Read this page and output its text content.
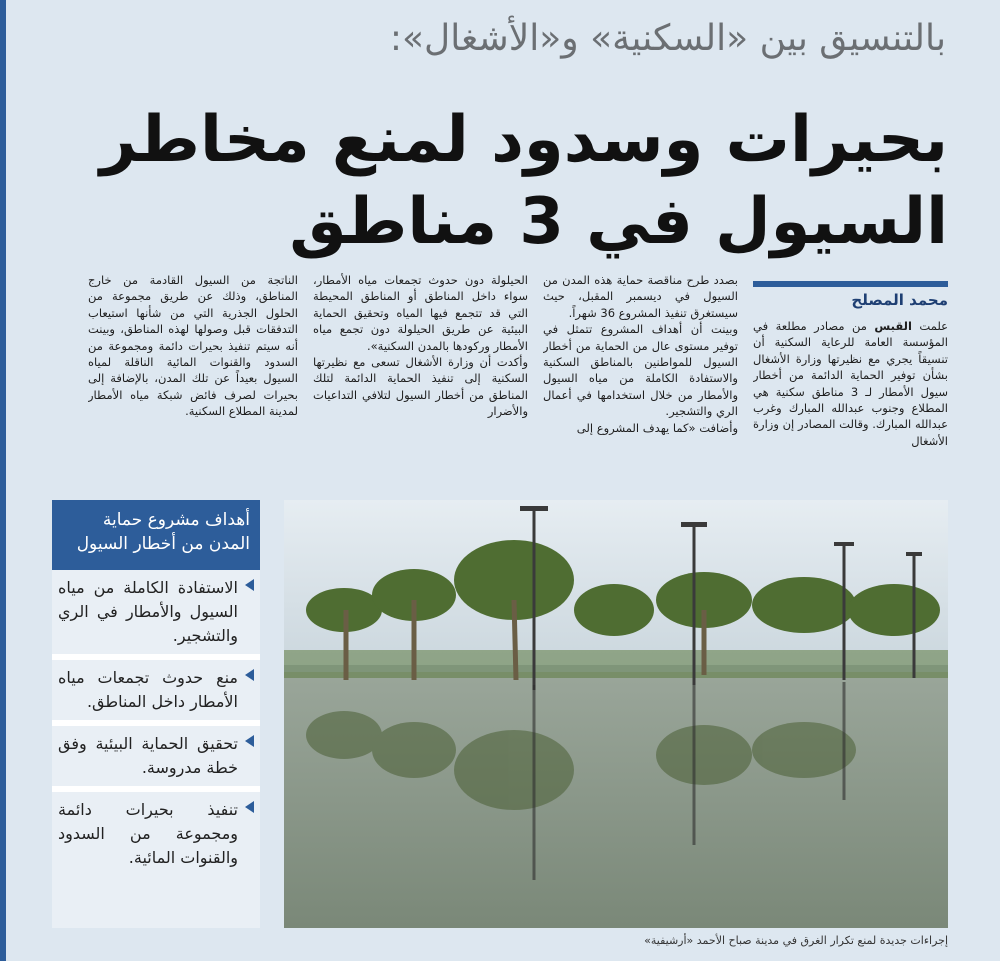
بالتنسيق بين «السكنية» و«الأشغال»:
بحيرات وسدود لمنع مخاطر
السيول في 3 مناطق
محمد المصلح

علمت القبس من مصادر مطلعة في المؤسسة العامة للرعاية السكنية أن تنسيقاً يجري مع نظيرتها وزارة الأشغال بشأن توفير الحماية الدائمة من أخطار سيول الأمطار لـ 3 مناطق سكنية هي المطلاع وجنوب عبدالله المبارك وغرب عبدالله المبارك. وقالت المصادر إن وزارة الأشغال

بصدد طرح مناقصة حماية هذه المدن من السيول في ديسمبر المقبل، حيث سيستغرق تنفيذ المشروع 36 شهراً.

وبينت أن أهداف المشروع تتمثل في توفير مستوى عال من الحماية من أخطار السيول للمواطنين بالمناطق السكنية والاستفادة الكاملة من مياه السيول والأمطار من خلال استخدامها في أعمال الري والتشجير.

وأضافت «كما يهدف المشروع إلى

الحيلولة دون حدوث تجمعات مياه الأمطار، سواء داخل المناطق أو المناطق المحيطة التي قد تتجمع فيها المياه وتحقيق الحماية البيئية عن طريق الحيلولة دون تجمع مياه الأمطار وركودها بالمدن السكنية».

وأكدت أن وزارة الأشغال تسعى مع نظيرتها السكنية إلى تنفيذ الحماية الدائمة لتلك المناطق من أخطار السيول لتلافي التداعيات والأضرار

الناتجة من السيول القادمة من خارج المناطق، وذلك عن طريق مجموعة من الحلول الجذرية التي من شأنها استيعاب التدفقات قبل وصولها لهذه المناطق، وبينت أنه سيتم تنفيذ بحيرات دائمة ومجموعة من السدود والقنوات المائية الناقلة لمياه السيول بعيداً عن تلك المدن، بالإضافة إلى بحيرات لصرف فائض شبكة مياه الأمطار لمدينة المطلاع السكنية.

إجراءات جديدة لمنع تكرار الغرق في مدينة صباح الأحمد «أرشيفية»
أهداف مشروع حماية المدن من أخطار السيول
الاستفادة الكاملة من مياه السيول والأمطار في الري والتشجير.
منع حدوث تجمعات مياه الأمطار داخل المناطق.
تحقيق الحماية البيئية وفق خطة مدروسة.
تنفيذ بحيرات دائمة ومجموعة من السدود والقنوات المائية.
